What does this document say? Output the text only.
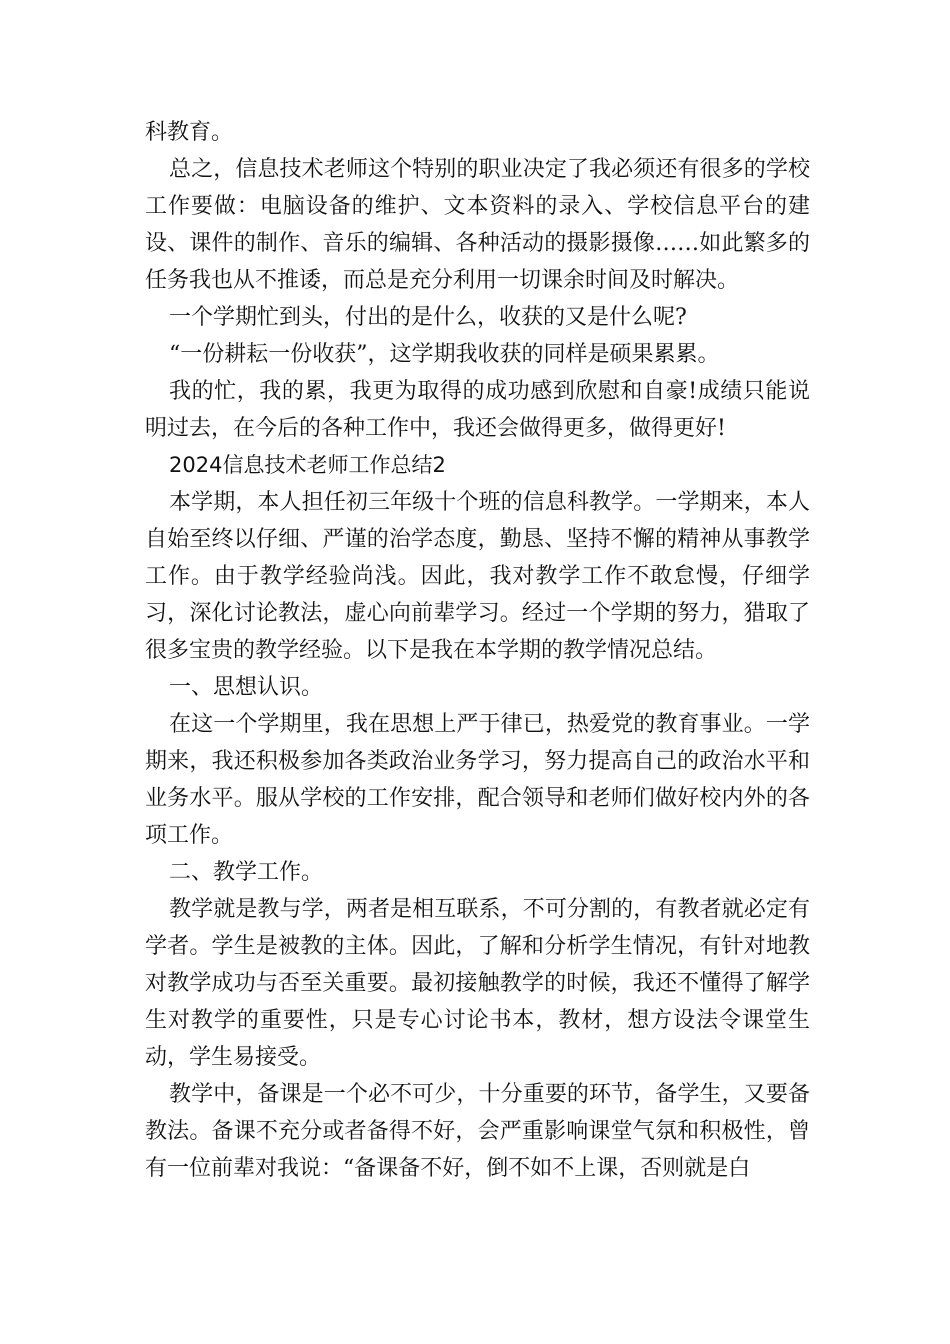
科教育。

总之，信息技术老师这个特别的职业决定了我必须还有很多的学校工作要做：电脑设备的维护、文本资料的录入、学校信息平台的建设、课件的制作、音乐的编辑、各种活动的摄影摄像……如此繁多的任务我也从不推诿，而总是充分利用一切课余时间及时解决。

一个学期忙到头，付出的是什么，收获的又是什么呢?

“一份耕耘一份收获”，这学期我收获的同样是硕果累累。

我的忙，我的累，我更为取得的成功感到欣慰和自豪!成绩只能说明过去，在今后的各种工作中，我还会做得更多，做得更好!

2024信息技术老师工作总结2

本学期，本人担任初三年级十个班的信息科教学。一学期来，本人自始至终以仔细、严谨的治学态度，勤恳、坚持不懈的精神从事教学工作。由于教学经验尚浅。因此，我对教学工作不敢怠慢，仔细学习，深化讨论教法，虚心向前辈学习。经过一个学期的努力，猎取了很多宝贵的教学经验。以下是我在本学期的教学情况总结。

一、思想认识。

在这一个学期里，我在思想上严于律已，热爱党的教育事业。一学期来，我还积极参加各类政治业务学习，努力提高自己的政治水平和业务水平。服从学校的工作安排，配合领导和老师们做好校内外的各项工作。

二、教学工作。

教学就是教与学，两者是相互联系，不可分割的，有教者就必定有学者。学生是被教的主体。因此，了解和分析学生情况，有针对地教对教学成功与否至关重要。最初接触教学的时候，我还不懂得了解学生对教学的重要性，只是专心讨论书本，教材，想方设法令课堂生动，学生易接受。

教学中，备课是一个必不可少，十分重要的环节，备学生，又要备教法。备课不充分或者备得不好，会严重影响课堂气氛和积极性，曾有一位前辈对我说：“备课备不好，倒不如不上课，否则就是白
